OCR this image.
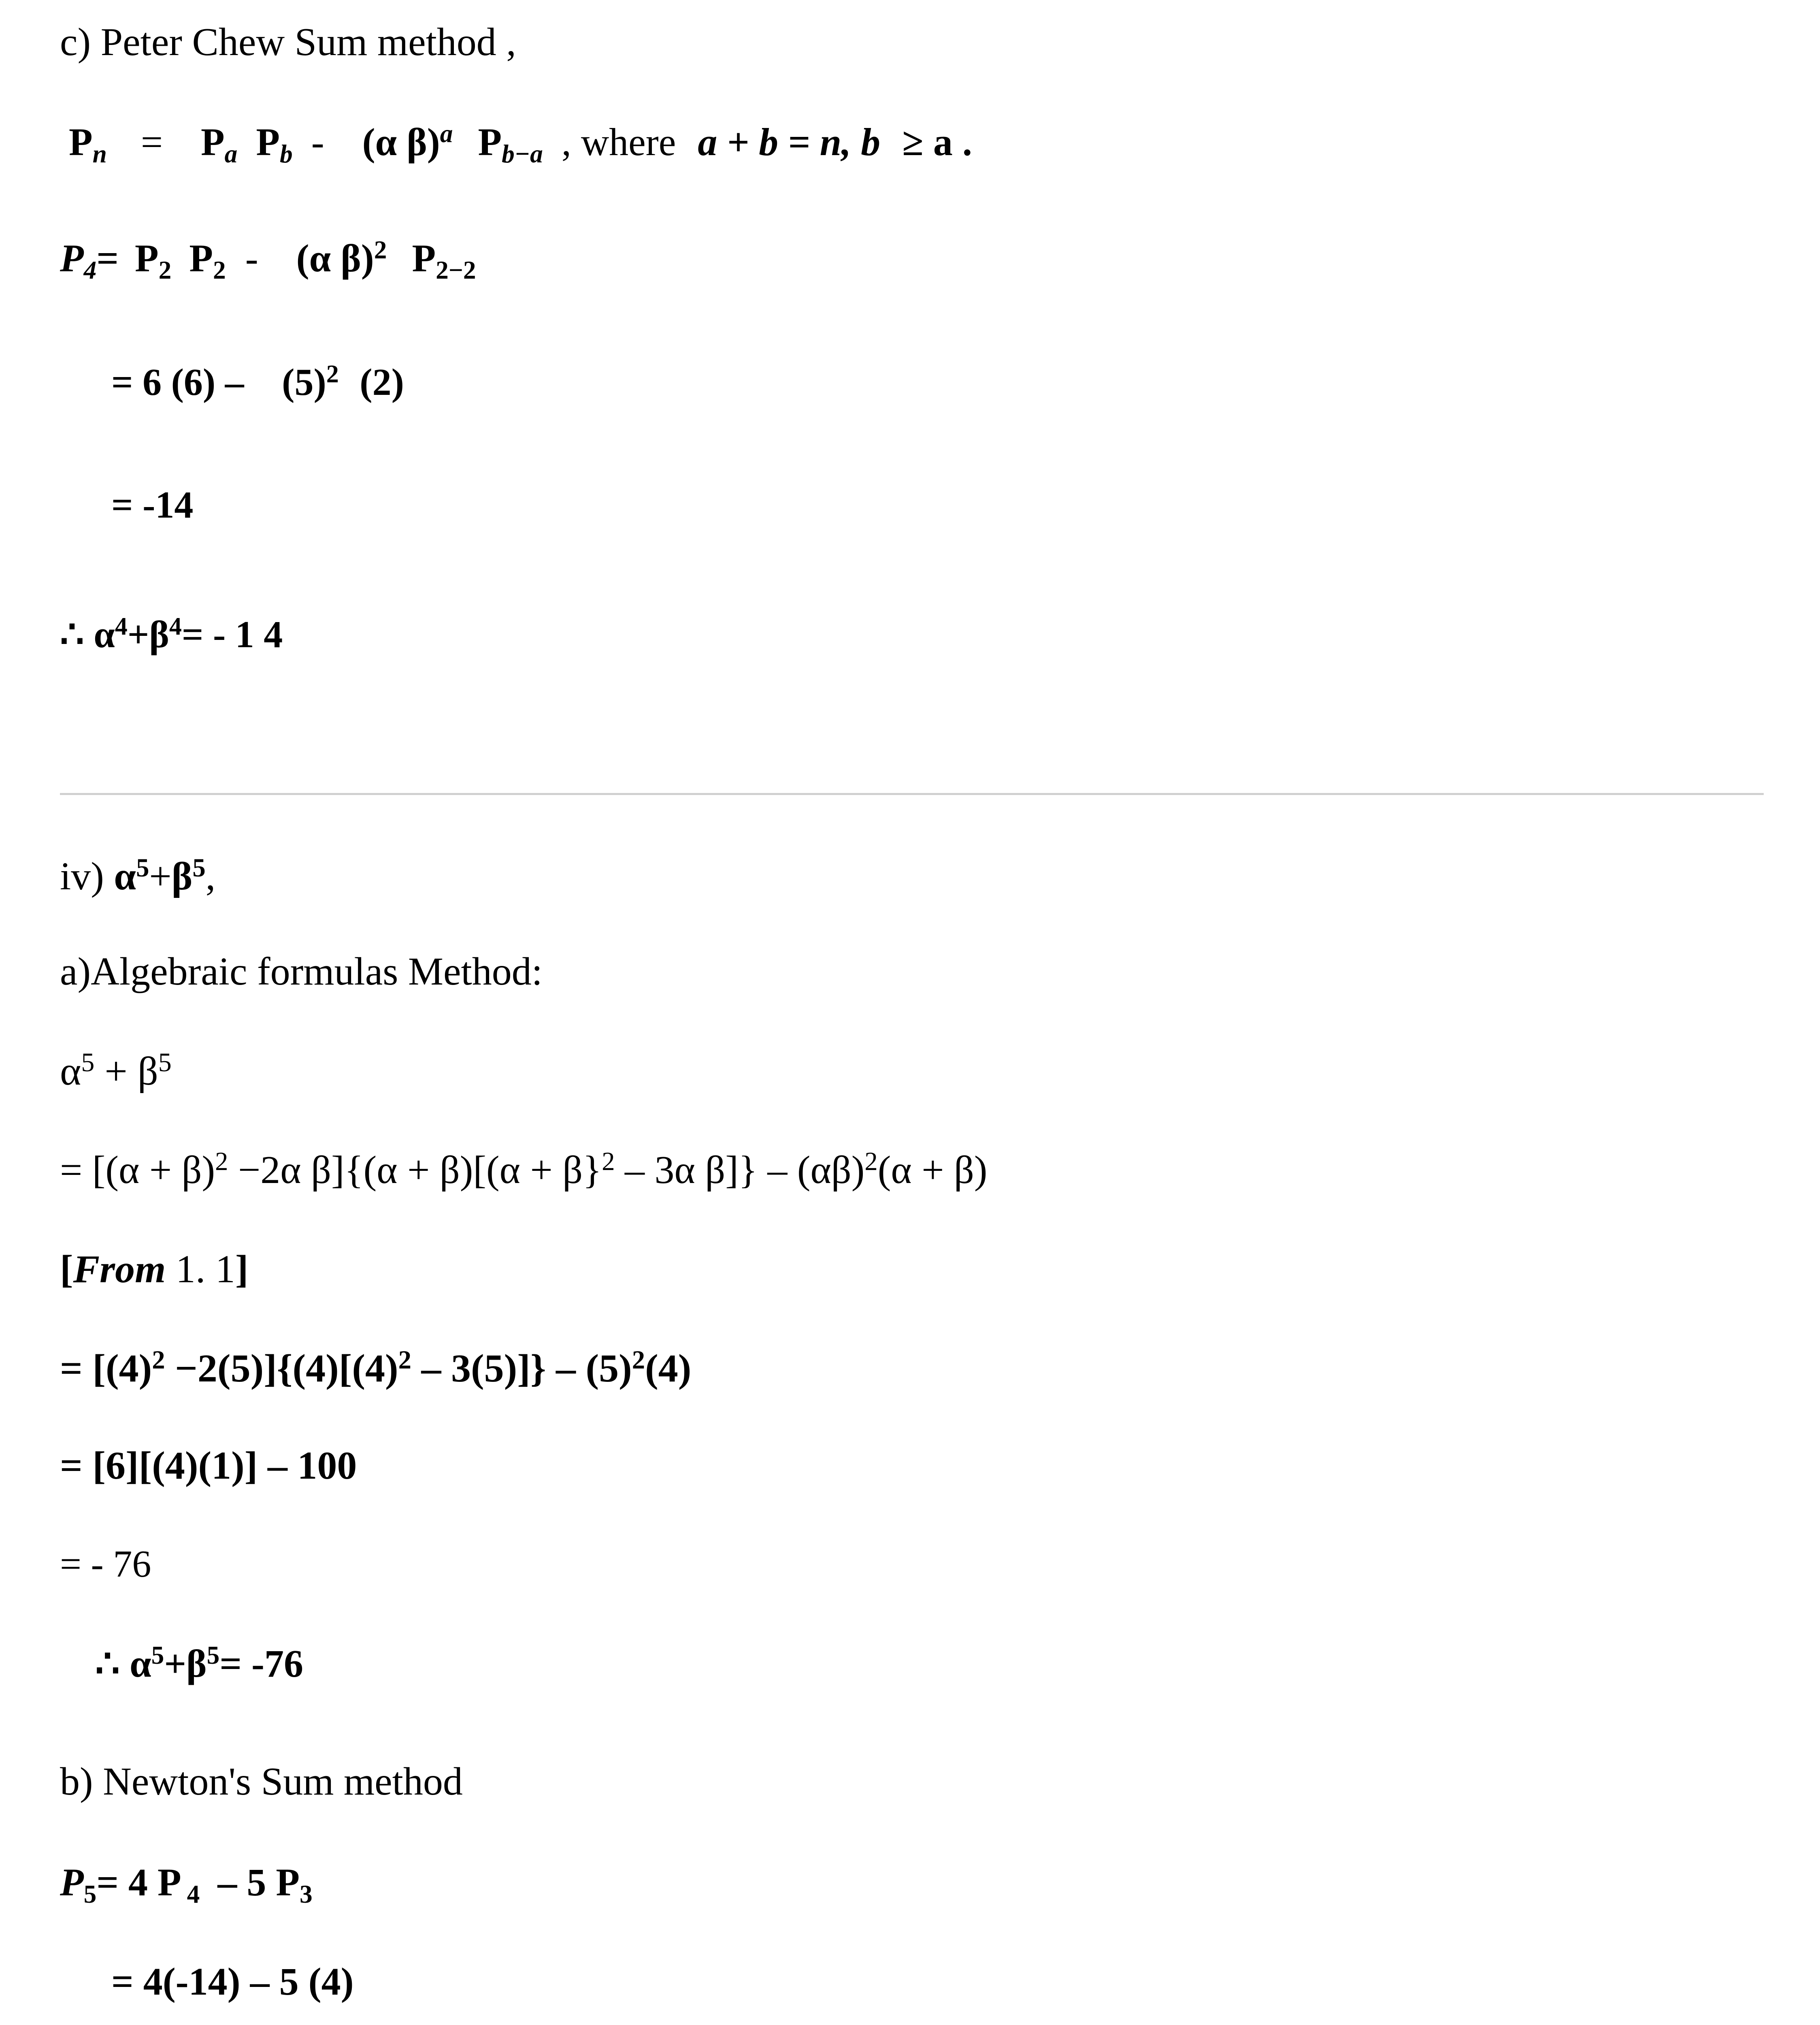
c) Peter Chew Sum method ,
$P_n = P_a$ $P_b - (\alpha$ β)$^a$ $P_{b-a}$ , where a + b = n, b ≥ a .
$P_4= P_2$ $P_2 - (\alpha$ β)$^2$ $P_{2-2}$
= 6 $(6) - (5)^2$ (2)
= -14
∴ $\alpha^4+\beta^4= - 1$ 4
iv) $\alpha^5+\beta^5$,
a)Algebraic formulas Method:
$\alpha^5 + \beta^5$
= [$(\alpha + \beta)^2 -2\alpha$ $\beta]\{(\alpha + \beta)[(\alpha + \beta\}^2 - 3\alpha$ $\beta]\} - (\alpha\beta)^2(\alpha + \beta)$
[From 1. 1]
= $[(4)^2 -2(5)]\{(4)[(4)^2 - 3(5)]\} - (5)^2(4)$
= [6][(4)(1)] – 100
= - 76
∴ $\alpha^5+\beta^5= -76$
b) Newton's Sum method
$P_5= 4$ P $_4$ – 5 $P_3$
= 4(-14) – 5 (4)
